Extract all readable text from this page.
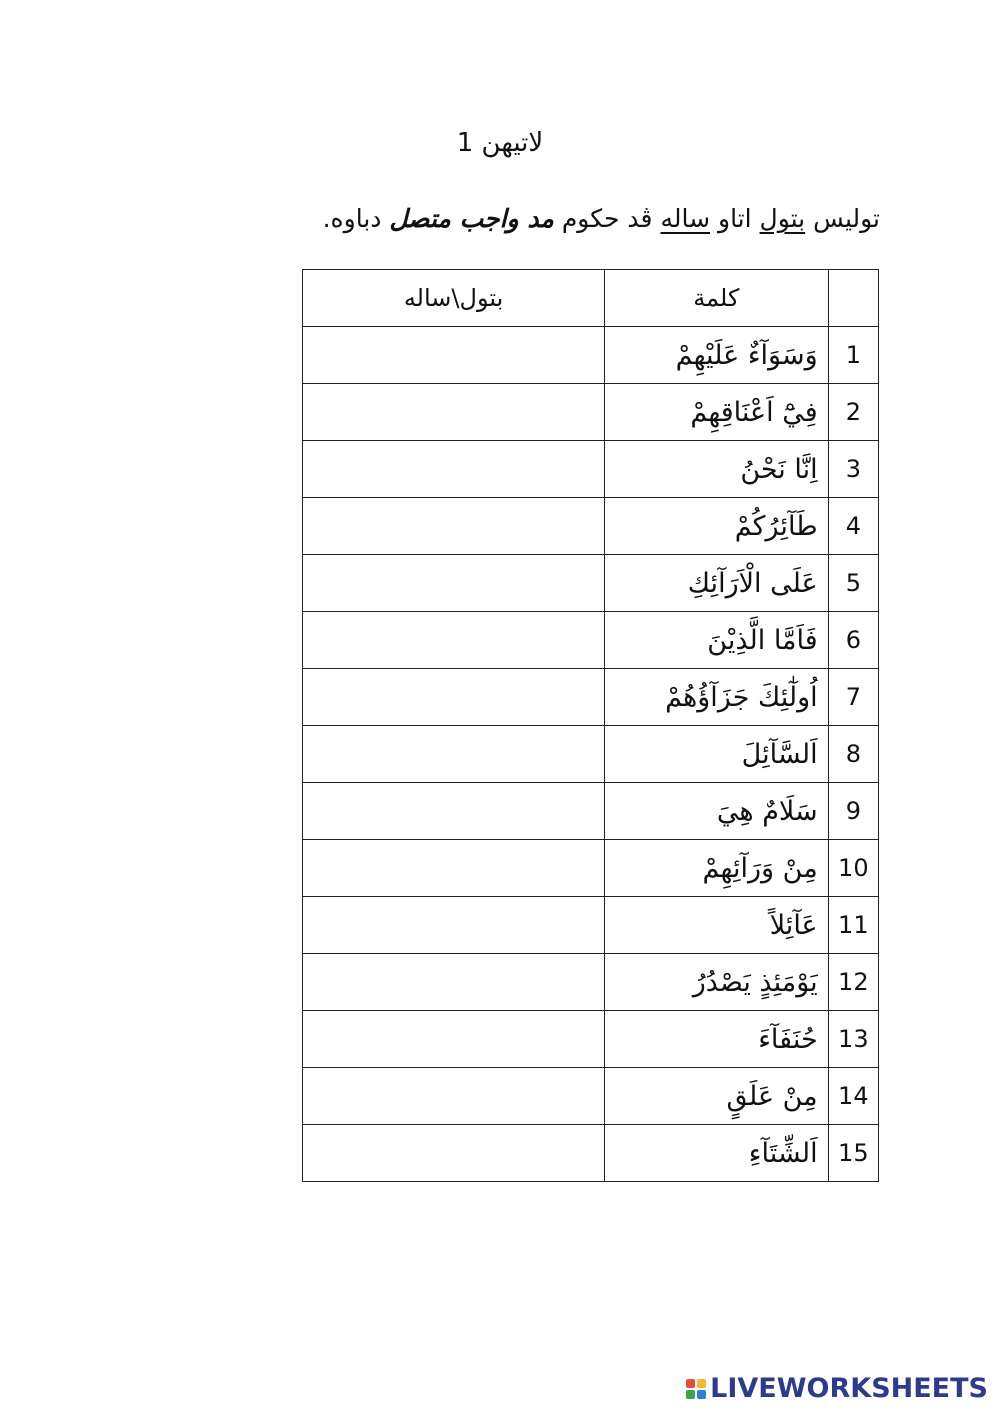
لاتيهن 1
توليس بتول اتاو ساله ڤد حكوم مد واجب متصل دباوه.
	كلمة	بتول\ساله
1	وَسَوَآءٌ عَلَيْهِمْ	
2	فِيْٓ اَعْنَاقِهِمْ	
3	اِنَّا نَحْنُ	
4	طَآئِرُكُمْ	
5	عَلَى الْاَرَآئِكِ	
6	فَاَمَّا الَّذِيْنَ	
7	اُولٰٓئِكَ جَزَآؤُهُمْ	
8	اَلسَّآئِلَ	
9	سَلَامٌ هِيَ	
10	مِنْ وَرَآئِهِمْ	
11	عَآئِلاً	
12	يَوْمَئِذٍ يَصْدُرُ	
13	حُنَفَآءَ	
14	مِنْ عَلَقٍ	
15	اَلشِّتَآءِ	
LIVEWORKSHEETS
